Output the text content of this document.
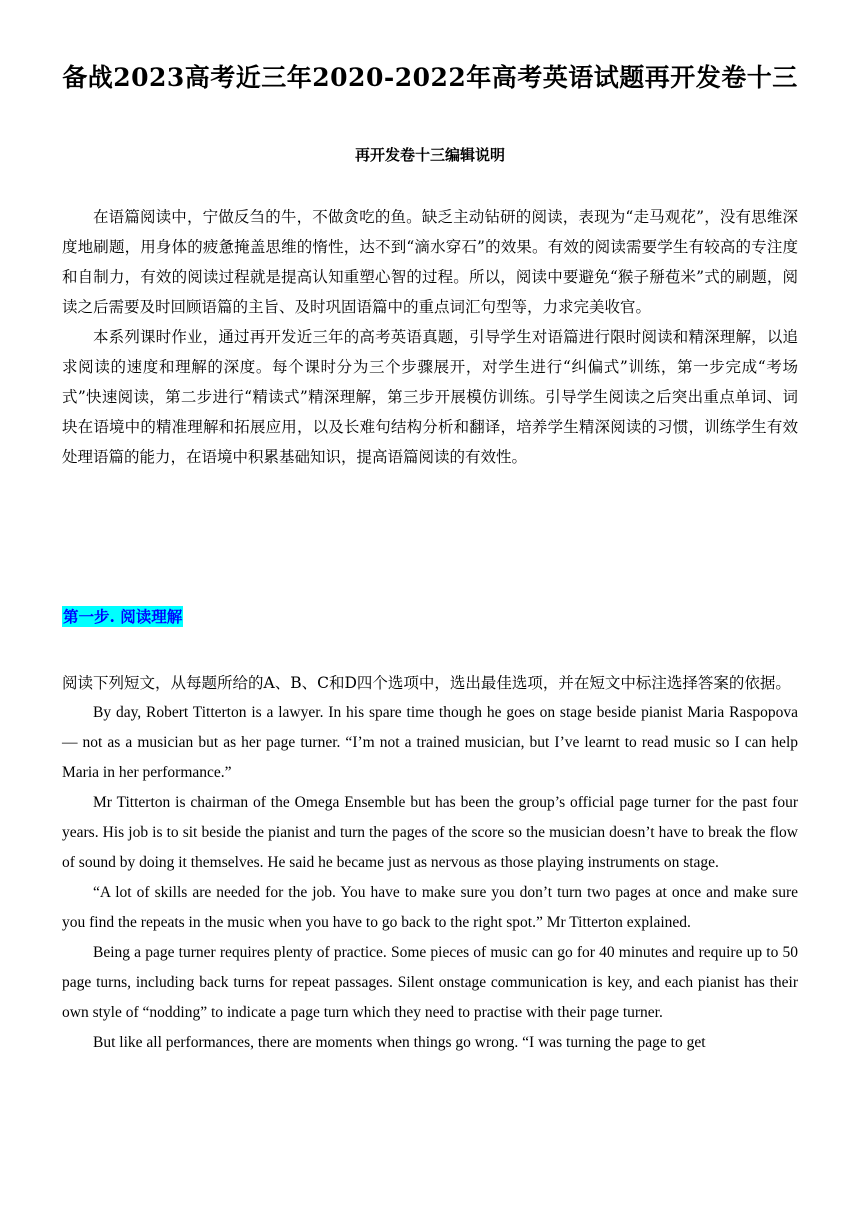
备战2023高考近三年2020-2022年高考英语试题再开发卷十三
再开发卷十三编辑说明

在语篇阅读中，宁做反刍的牛，不做贪吃的鱼。缺乏主动钻研的阅读，表现为“走马观花”，没有思维深度地刷题，用身体的疲惫掩盖思维的惰性，达不到“滴水穿石”的效果。有效的阅读需要学生有较高的专注度和自制力，有效的阅读过程就是提高认知重塑心智的过程。所以，阅读中要避免“猴子掰苞米”式的刷题，阅读之后需要及时回顾语篇的主旨、及时巩固语篇中的重点词汇句型等，力求完美收官。

本系列课时作业，通过再开发近三年的高考英语真题，引导学生对语篇进行限时阅读和精深理解，以追求阅读的速度和理解的深度。每个课时分为三个步骤展开，对学生进行“纠偏式”训练，第一步完成“考场式”快速阅读，第二步进行“精读式”精深理解，第三步开展模仿训练。引导学生阅读之后突出重点单词、词块在语境中的精准理解和拓展应用，以及长难句结构分析和翻译，培养学生精深阅读的习惯，训练学生有效处理语篇的能力，在语境中积累基础知识，提高语篇阅读的有效性。

第一步. 阅读理解

阅读下列短文，从每题所给的A、B、C和D四个选项中，选出最佳选项，并在短文中标注选择答案的依据。

By day, Robert Titterton is a lawyer. In his spare time though he goes on stage beside pianist Maria Raspopova — not as a musician but as her page turner. “I’m not a trained musician, but I’ve learnt to read music so I can help Maria in her performance.”

Mr Titterton is chairman of the Omega Ensemble but has been the group’s official page turner for the past four years. His job is to sit beside the pianist and turn the pages of the score so the musician doesn’t have to break the flow of sound by doing it themselves. He said he became just as nervous as those playing instruments on stage.

“A lot of skills are needed for the job. You have to make sure you don’t turn two pages at once and make sure you find the repeats in the music when you have to go back to the right spot.” Mr Titterton explained.

Being a page turner requires plenty of practice. Some pieces of music can go for 40 minutes and require up to 50 page turns, including back turns for repeat passages. Silent onstage communication is key, and each pianist has their own style of “nodding” to indicate a page turn which they need to practise with their page turner.

But like all performances, there are moments when things go wrong. “I was turning the page to get
